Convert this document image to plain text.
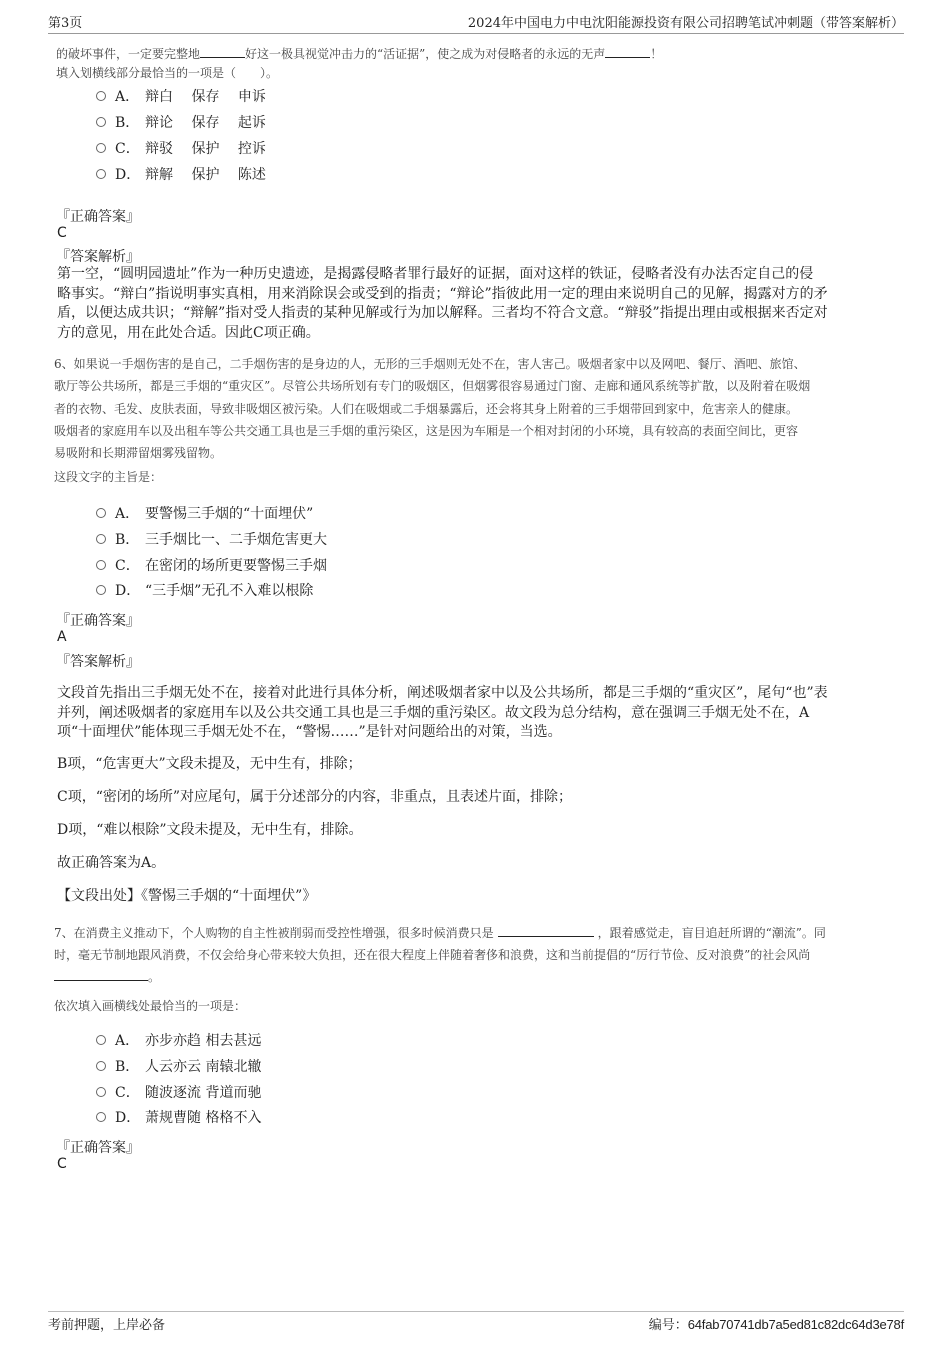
第3页	2024年中国电力中电沈阳能源投资有限公司招聘笔试冲刺题（带答案解析）
的破坏事件，一定要完整地	好这一极具视觉冲击力的“活证据”，使之成为对侵略者的永远的无声	！
填入划横线部分最恰当的一项是（　　）。
A． 辩白　 保存　 申诉
B． 辩论　 保存　 起诉
C． 辩驳　 保护　 控诉
D． 辩解　 保护　 陈述
『正确答案』
C
『答案解析』
第一空，“圆明园遗址”作为一种历史遗迹，是揭露侵略者罪行最好的证据，面对这样的铁证，侵略者没有办法否定自己的侵
略事实。“辩白”指说明事实真相，用来消除误会或受到的指责；“辩论”指彼此用一定的理由来说明自己的见解，揭露对方的矛
盾，以便达成共识；“辩解”指对受人指责的某种见解或行为加以解释。三者均不符合文意。“辩驳”指提出理由或根据来否定对
方的意见，用在此处合适。因此C项正确。
6、如果说一手烟伤害的是自己，二手烟伤害的是身边的人，无形的三手烟则无处不在，害人害己。吸烟者家中以及网吧、餐厅、酒吧、旅馆、
歌厅等公共场所，都是三手烟的“重灾区”。尽管公共场所划有专门的吸烟区，但烟雾很容易通过门窗、走廊和通风系统等扩散，以及附着在吸烟
者的衣物、毛发、皮肤表面，导致非吸烟区被污染。人们在吸烟或二手烟暴露后，还会将其身上附着的三手烟带回到家中，危害亲人的健康。
吸烟者的家庭用车以及出租车等公共交通工具也是三手烟的重污染区，这是因为车厢是一个相对封闭的小环境，具有较高的表面空间比，更容
易吸附和长期滞留烟雾残留物。
这段文字的主旨是：
A． 要警惕三手烟的“十面埋伏”
B． 三手烟比一、二手烟危害更大
C． 在密闭的场所更要警惕三手烟
D． “三手烟”无孔不入难以根除
『正确答案』
A
『答案解析』
文段首先指出三手烟无处不在，接着对此进行具体分析，阐述吸烟者家中以及公共场所，都是三手烟的“重灾区”，尾句“也”表
并列，阐述吸烟者的家庭用车以及公共交通工具也是三手烟的重污染区。故文段为总分结构，意在强调三手烟无处不在，A
项“十面埋伏”能体现三手烟无处不在，“警惕……”是针对问题给出的对策，当选。
B项，“危害更大”文段未提及，无中生有，排除；
C项，“密闭的场所”对应尾句，属于分述部分的内容，非重点，且表述片面，排除；
D项，“难以根除”文段未提及，无中生有，排除。
故正确答案为A。
【文段出处】《警惕三手烟的“十面埋伏”》
7、在消费主义推动下，个人购物的自主性被削弱而受控性增强，很多时候消费只是	，跟着感觉走，盲目追赶所谓的“潮流”。同
时，毫无节制地跟风消费，不仅会给身心带来较大负担，还在很大程度上伴随着奢侈和浪费，这和当前提倡的“厉行节俭、反对浪费”的社会风尚
。
依次填入画横线处最恰当的一项是：
A． 亦步亦趋 相去甚远
B． 人云亦云 南辕北辙
C． 随波逐流 背道而驰
D． 萧规曹随 格格不入
『正确答案』
C
考前押题，上岸必备	编号：64fab70741db7a5ed81c82dc64d3e78f
